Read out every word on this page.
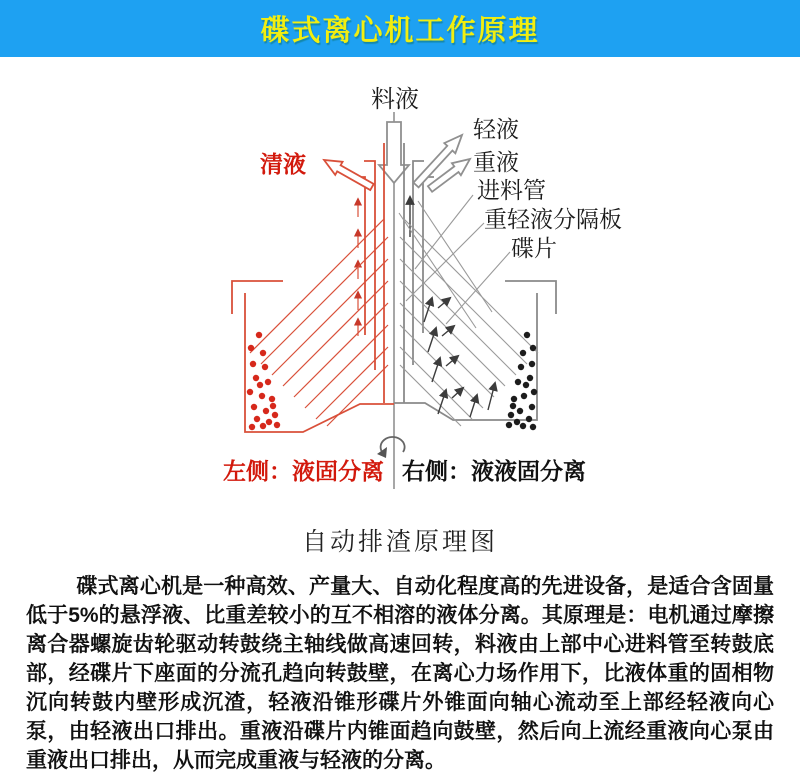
碟式离心机工作原理
料液
清液
轻液
重液
进料管
重轻液分隔板
碟片
左侧：液固分离 右侧：液液固分离
自动排渣原理图

碟式离心机是一种高效、产量大、自动化程度高的先进设备，是适合含固量低于5%的悬浮液、比重差较小的互不相溶的液体分离。其原理是：电机通过摩擦离合器螺旋齿轮驱动转鼓绕主轴线做高速回转，料液由上部中心进料管至转鼓底部，经碟片下座面的分流孔趋向转鼓壁，在离心力场作用下，比液体重的固相物沉向转鼓内壁形成沉渣，轻液沿锥形碟片外锥面向轴心流动至上部经轻液向心泵，由轻液出口排出。重液沿碟片内锥面趋向鼓壁，然后向上流经重液向心泵由重液出口排出，从而完成重液与轻液的分离。
